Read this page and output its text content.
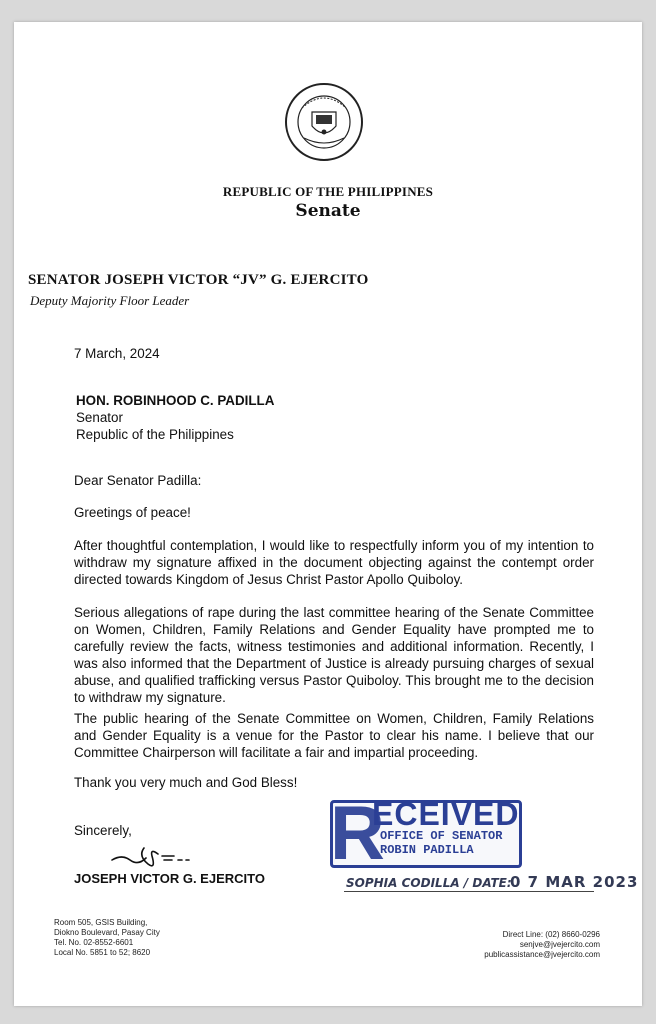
REPUBLIC OF THE PHILIPPINES
Senate
SENATOR JOSEPH VICTOR “JV” G. EJERCITO
Deputy Majority Floor Leader
7 March, 2024
HON. ROBINHOOD C. PADILLA
Senator
Republic of the Philippines
Dear Senator Padilla:
Greetings of peace!
After thoughtful contemplation, I would like to respectfully inform you of my intention to withdraw my signature affixed in the document objecting against the contempt order directed towards Kingdom of Jesus Christ Pastor Apollo Quiboloy.
Serious allegations of rape during the last committee hearing of the Senate Committee on Women, Children, Family Relations and Gender Equality have prompted me to carefully review the facts, witness testimonies and additional information. Recently, I was also informed that the Department of Justice is already pursuing charges of sexual abuse, and qualified trafficking versus Pastor Quiboloy. This brought me to the decision to withdraw my signature.
The public hearing of the Senate Committee on Women, Children, Family Relations and Gender Equality is a venue for the Pastor to clear his name. I believe that our Committee Chairperson will facilitate a fair and impartial proceeding.
Thank you very much and God Bless!
Sincerely,
JOSEPH VICTOR G. EJERCITO
R
ECEIVED
OFFICE OF SENATOR
ROBIN PADILLA
SOPHIA CODILLA / DATE:
0 7 MAR 2023
Room 505, GSIS Building,
Diokno Boulevard, Pasay City
Tel. No. 02-8552-6601
Local No. 5851 to 52; 8620
Direct Line: (02) 8660-0296
senjve@jvejercito.com
publicassistance@jvejercito.com
